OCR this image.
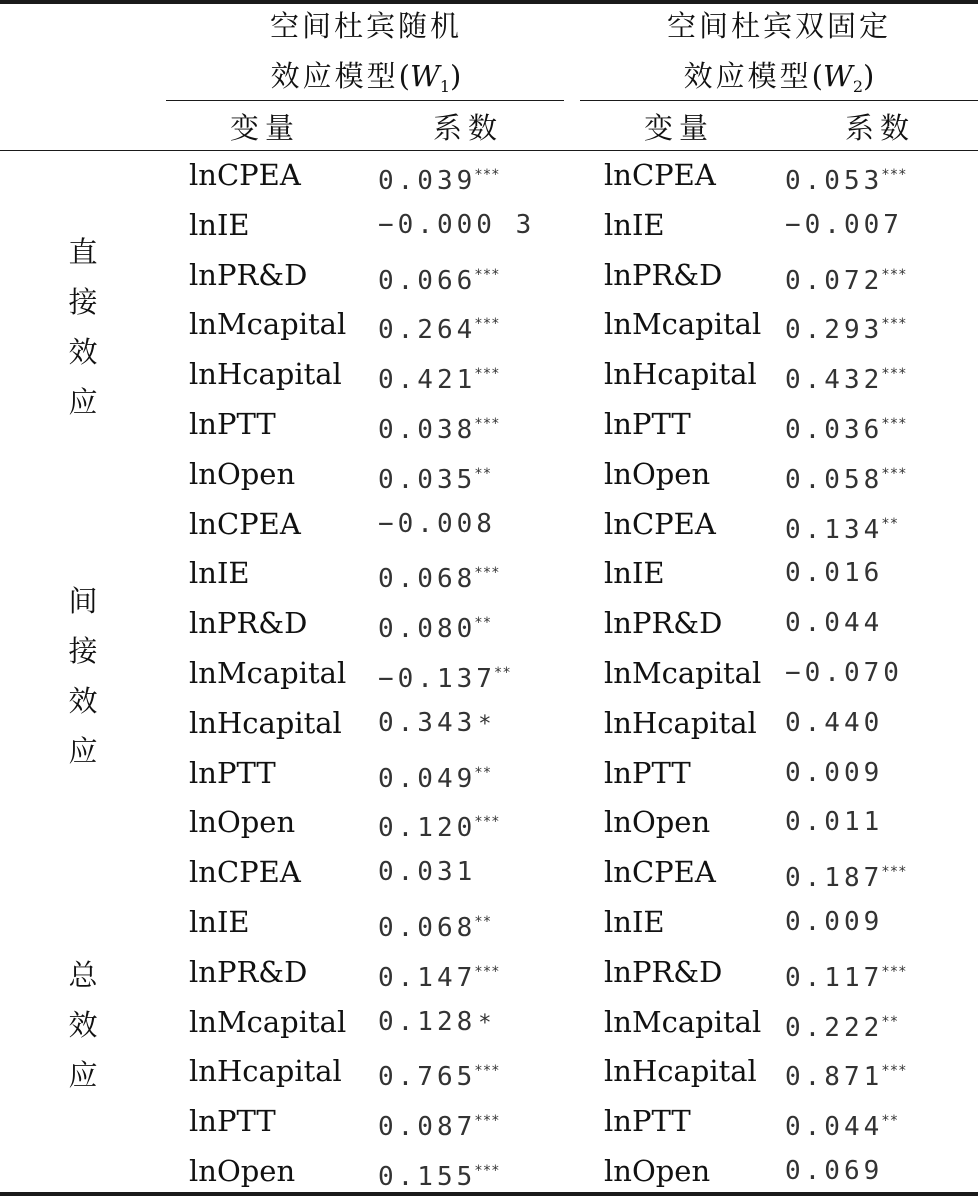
空间杜宾随机
效应模型$(W_1)$
空间杜宾双固定
效应模型$(W_2)$
变量	系数	变量	系数
lnCPEA	0.039***	lnCPEA	0.053***
lnIE	−0.000 3 lnIE	−0.007
lnPR&D	0.066***	lnPR&D 0.072***
lnMcapital 0.264***	lnMcapital 0.293***
lnHcapital 0.421***	lnHcapital 0.432***
lnPTT	0.038***	lnPTT	0.036***
lnOpen	0.035**	lnOpen	0.058***
直
接
效
应
lnCPEA	−0.008	lnCPEA	0.134**
lnIE	0.068***	lnIE	0.016
lnPR&D	0.080**	lnPR&D 0.044
lnMcapital −0.137**	lnMcapital −0.070
lnHcapital 0.343*	lnHcapital 0.440
lnPTT	0.049**	lnPTT	0.009
lnOpen	0.120***	lnOpen	0.011
间
接
效
应
lnCPEA	0.031	lnCPEA	0.187***
lnIE	0.068**	lnIE	0.009
lnPR&D	0.147***	lnPR&D 0.117***
lnMcapital 0.128*	lnMcapital 0.222**
lnHcapital 0.765***	lnHcapital 0.871***
lnPTT	0.087***	lnPTT	0.044**
lnOpen	0.155***	lnOpen	0.069
总
效
应
